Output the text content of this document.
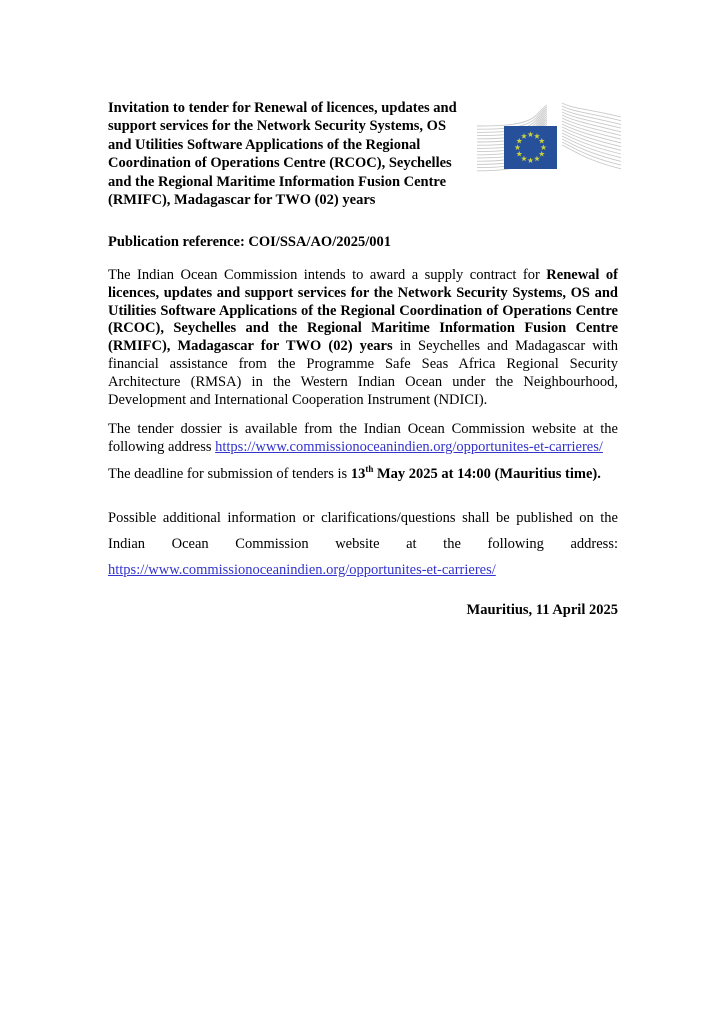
Invitation to tender for Renewal of licences, updates and
support services for the Network Security Systems, OS
and Utilities Software Applications of the Regional
Coordination of Operations Centre (RCOC), Seychelles
and the Regional Maritime Information Fusion Centre
(RMIFC), Madagascar for TWO (02) years

Publication reference: COI/SSA/AO/2025/001

The Indian Ocean Commission intends to award a supply contract for Renewal of licences, updates and support services for the Network Security Systems, OS and Utilities Software Applications of the Regional Coordination of Operations Centre (RCOC), Seychelles and the Regional Maritime Information Fusion Centre (RMIFC), Madagascar for TWO (02) years in Seychelles and Madagascar with financial assistance from the Programme Safe Seas Africa Regional Security Architecture (RMSA) in the Western Indian Ocean under the Neighbourhood, Development and International Cooperation Instrument (NDICI).

The tender dossier is available from the Indian Ocean Commission website at the following address https://www.commissionoceanindien.org/opportunites-et-carrieres/

The deadline for submission of tenders is 13th May 2025 at 14:00 (Mauritius time).

Possible additional information or clarifications/questions shall be published on the Indian Ocean Commission website at the following address: https://www.commissionoceanindien.org/opportunites-et-carrieres/

Mauritius, 11 April 2025
